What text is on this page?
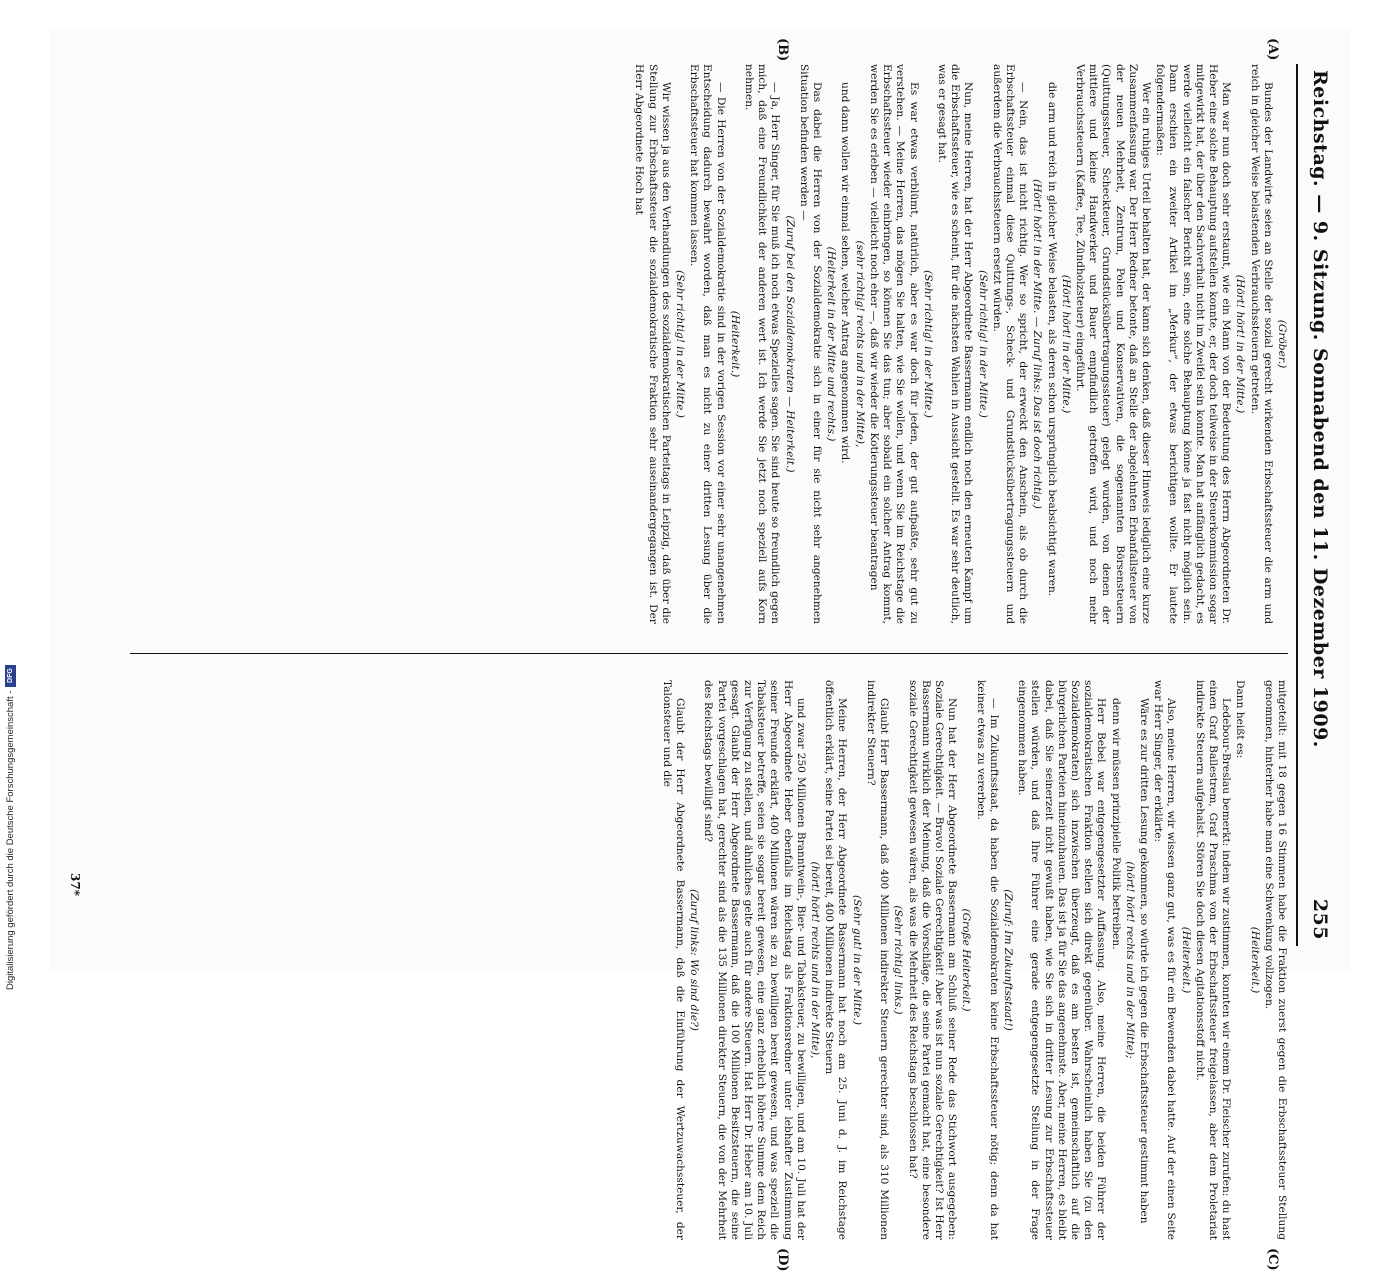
Reichstag. — 9. Sitzung. Sonnabend den 11. Dezember 1909.
255
(A)
(B)
(C)
(D)

(Gröber.)

Bundes der Landwirte seien an Stelle der sozial gerecht wirkenden Erbschaftssteuer die arm und reich in gleicher Weise belastenden Verbrauchssteuern getreten.

(Hört! hört! in der Mitte.)

Man war nun doch sehr erstaunt, wie ein Mann von der Bedeutung des Herrn Abgeordneten Dr. Heber eine solche Behauptung aufstellen konnte, er, der doch teilweise in der Steuerkommission sogar mitgewirkt hat, der über den Sachverhalt nicht im Zweifel sein konnte. Man hat anfänglich gedacht, es werde vielleicht ein falscher Bericht sein, eine solche Behauptung könne ja fast nicht möglich sein. Dann erschien ein zweiter Artikel im „Merkur“, der etwas berichtigen wollte. Er lautete folgendermaßen:

Wer ein ruhiges Urteil behalten hat, der kann sich denken, daß dieser Hinweis lediglich eine kurze Zusammenfassung war. Der Herr Redner betonte, daß an Stelle der abgelehnten Erbanfallsteuer von der neuen Mehrheit, Zentrum, Polen und Konservativen, die sogenannten Börsensteuern (Quittungssteuer, Scheckteuer, Grundstücksübertragungssteuer) gelegt wurden, von denen der mittlere und kleine Handwerker und Bauer empfindlich getroffen wird, und noch mehr Verbrauchssteuern (Kaffee, Tee, Zündholzsteuer) eingeführt.

(Hört! hört! in der Mitte.)

die arm und reich in gleicher Weise belasten, als deren schon ursprünglich beabsichtigt waren.

(Hört! hört! in der Mitte. — Zuruf links: Das ist doch richtig.)

— Nein, das ist nicht richtig. Wer so spricht, der erweckt den Anschein, als ob durch die Erbschaftssteuer einmal diese Quittungs-, Scheck- und Grundstücksübertragungssteuern und außerdem die Verbrauchssteuern ersetzt würden.

(Sehr richtig! in der Mitte.)

Nun, meine Herren, hat der Herr Abgeordnete Bassermann endlich noch den erneuten Kampf um die Erbschaftssteuer, wie es scheint, für die nächsten Wahlen in Aussicht gestellt. Es war sehr deutlich, was er gesagt hat.

(Sehr richtig! in der Mitte.)

Es war etwas verblümt, natürlich, aber es war doch für jeden, der gut aufpaßte, sehr gut zu verstehen. — Meine Herren, das mögen Sie halten, wie Sie wollen, und wenn Sie im Reichstage die Erbschaftssteuer wieder einbringen, so können Sie das tun; aber sobald ein solcher Antrag kommt, werden Sie es erleben — vielleicht noch eher —, daß wir wieder die Kotierungssteuer beantragen

(sehr richtig! rechts und in der Mitte),

und dann wollen wir einmal sehen, welcher Antrag angenommen wird.

(Heiterkeit in der Mitte und rechts.)

Das dabei die Herren von der Sozialdemokratie sich in einer für sie nicht sehr angenehmen Situation befinden werden —

(Zuruf bei den Sozialdemokraten — Heiterkeit.)

— Ja, Herr Singer, für Sie muß ich noch etwas Spezielles sagen. Sie sind heute so freundlich gegen mich, daß eine Freundlichkeit der anderen wert ist. Ich werde Sie jetzt noch speziell aufs Korn nehmen.

(Heiterkeit.)

— Die Herren von der Sozialdemokratie sind in der vorigen Session vor einer sehr unangenehmen Entscheidung dadurch bewahrt worden, daß man es nicht zu einer dritten Lesung über die Erbschaftssteuer hat kommen lassen.

(Sehr richtig! in der Mitte.)

Wir wissen ja aus den Verhandlungen des sozialdemokratischen Parteitags in Leipzig, daß über die Stellung zur Erbschaftssteuer die sozialdemokratische Fraktion sehr auseinandergegangen ist. Der Herr Abgeordnete Hoch hat

mitgeteilt: mit 18 gegen 16 Stimmen habe die Fraktion zuerst gegen die Erbschaftssteuer Stellung genommen, hinterher habe man eine Schwenkung vollzogen.

(Heiterkeit.)

Dann heißt es:

Ledebour-Breslau bemerkt: indem wir zustimmen, konnten wir einem Dr. Fleischer zurufen: du hast einen Graf Ballestrem, Graf Praschma von der Erbschaftssteuer freigelassen, aber dem Proletariat indirekte Steuern aufgehalst. Stören Sie doch diesen Agitationsstoff nicht.

(Heiterkeit.)

Also, meine Herren, wir wissen ganz gut, was es für ein Bewenden dabei hatte. Auf der einen Seite war Herr Singer, der erklärte:

Wäre es zur dritten Lesung gekommen, so würde ich gegen die Erbschaftssteuer gestimmt haben

(hört! hört! rechts und in der Mitte);

denn wir müssen prinzipielle Politik betreiben.

Herr Bebel war entgegengesetzter Auffassung. Also, meine Herren, die beiden Führer der sozialdemokratischen Fraktion stellen sich direkt gegenüber. Wahrscheinlich haben Sie (zu den Sozialdemokraten) sich inzwischen überzeugt, daß es am besten ist, gemeinschaftlich auf die bürgerlichen Parteien hineinzuhauen. Das ist ja für Sie das angenehmste. Aber, meine Herren, es bleibt dabei, daß Sie seinerzeit nicht gewußt haben, wie Sie sich in dritter Lesung zur Erbschaftssteuer stellen würden, und daß Ihre Führer eine gerade entgegengesetzte Stellung in der Frage eingenommen haben.

(Zuruf: Im Zukunftsstaat!)

— Im Zukunftsstaat, da haben die Sozialdemokraten keine Erbschaftssteuer nötig; denn da hat keiner etwas zu vererben.

(Große Heiterkeit.)

Nun hat der Herr Abgeordnete Bassermann am Schluß seiner Rede das Stichwort ausgegeben: Soziale Gerechtigkeit. — Bravo! Soziale Gerechtigkeit! Aber was ist nun soziale Gerechtigkeit? Ist Herr Bassermann wirklich der Meinung, daß die Vorschläge, die seine Partei gemacht hat, eine besondere soziale Gerechtigkeit gewesen wären, als was die Mehrheit des Reichstags beschlossen hat?

(Sehr richtig! links.)

Glaubt Herr Bassermann, daß 400 Millionen indirekter Steuern gerechter sind, als 310 Millionen indirekter Steuern?

(Sehr gut! in der Mitte.)

Meine Herren, der Herr Abgeordnete Bassermann hat noch am 25. Juni d. J. im Reichstage öffentlich erklärt, seine Partei sei bereit, 400 Millionen indirekte Steuern

(hört! hört! rechts und in der Mitte),

und zwar 250 Millionen Branntwein-, Bier- und Tabaksteuer, zu bewilligen, und am 10. Juli hat der Herr Abgeordnete Heber ebenfalls im Reichstag als Fraktionsredner unter lebhafter Zustimmung seiner Freunde erklärt, 400 Millionen wären sie zu bewilligen bereit gewesen, und was speziell die Tabaksteuer betreffe, seien sie sogar bereit gewesen, eine ganz erheblich höhere Summe dem Reich zur Verfügung zu stellen, und ähnliches gelte auch für andere Steuern. Hat Herr Dr. Heber am 10. Juli gesagt. Glaubt der Herr Abgeordnete Bassermann, daß die 100 Millionen Besitzsteuern, die seine Partei vorgeschlagen hat, gerechter sind als die 135 Millionen direkter Steuern, die von der Mehrheit des Reichstags bewilligt sind?

(Zuruf links: Wo sind die?)

Glaubt der Herr Abgeordnete Bassermann, daß die Einführung der Wertzuwachssteuer, der Talonsteuer und die

37*
Digitalisierung gefördert durch die Deutsche Forschungsgemeinschaft -
DFG
